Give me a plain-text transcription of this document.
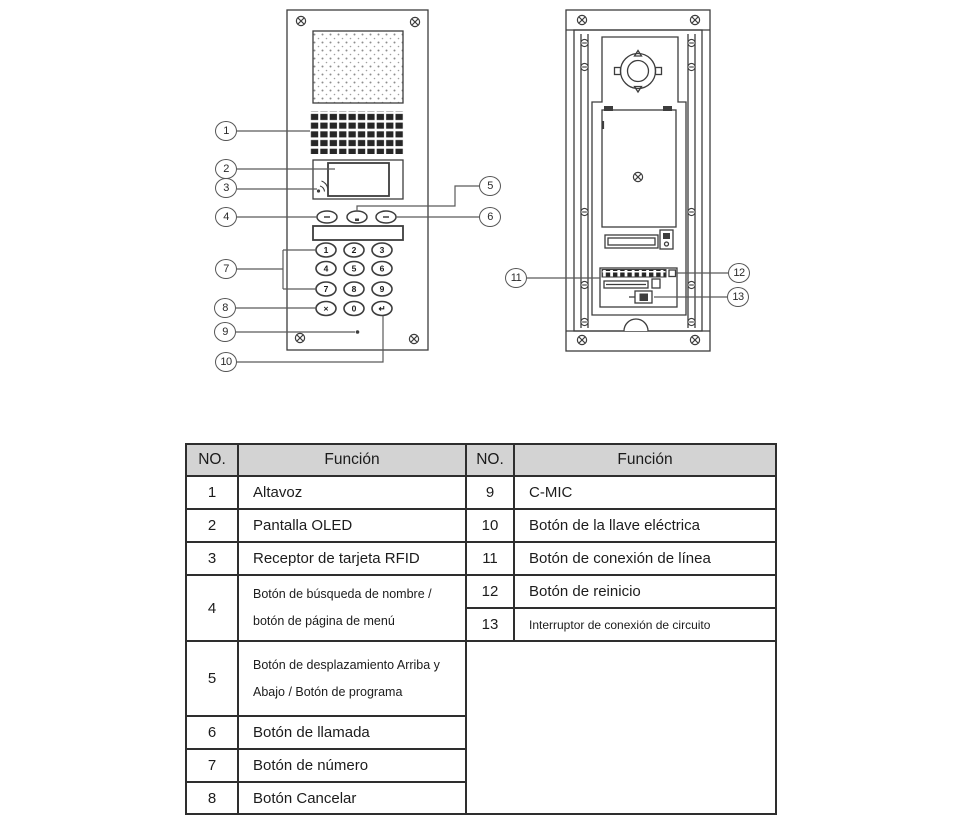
1	2	3
4	5	6
7	8	9
×	0	↵
1
2
3
4
5
6
7
8
9
10
11	12
13
NO.	Función	NO.	Función
1	Altavoz	9	C-MIC
2	Pantalla OLED	10	Botón de la llave eléctrica
3	Receptor de tarjeta RFID	11	Botón de conexión de línea
4	Botón de búsqueda de nombre / botón de página de menú	12	Botón de reinicio
		13	Interruptor de conexión de circuito
5	Botón de desplazamiento Arriba y Abajo / Botón de programa		
6	Botón de llamada		
7	Botón de número		
8	Botón Cancelar		
